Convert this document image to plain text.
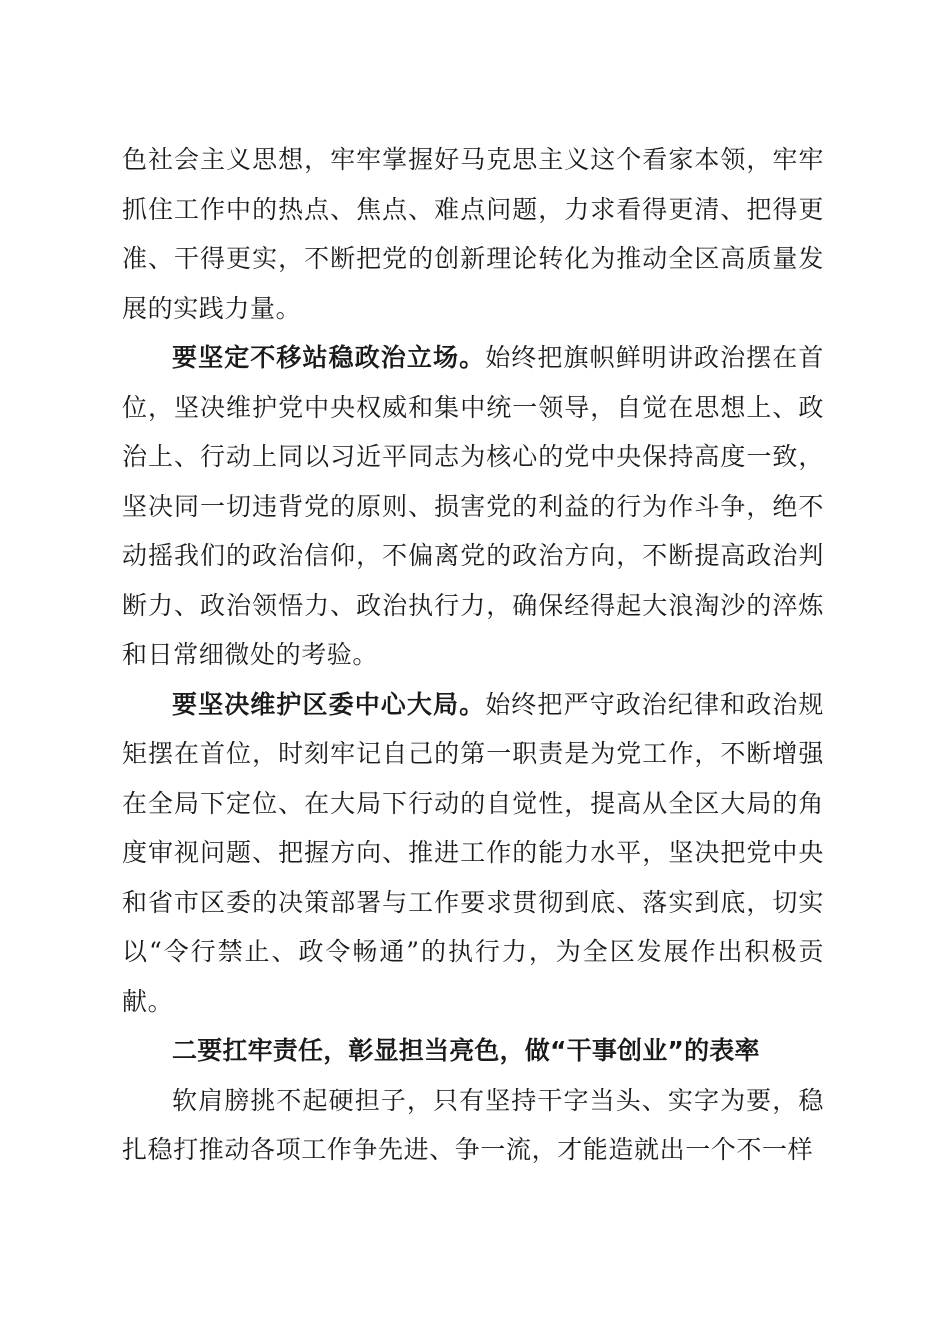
色社会主义思想，牢牢掌握好马克思主义这个看家本领，牢牢抓住工作中的热点、焦点、难点问题，力求看得更清、把得更准、干得更实，不断把党的创新理论转化为推动全区高质量发展的实践力量。

要坚定不移站稳政治立场。始终把旗帜鲜明讲政治摆在首位，坚决维护党中央权威和集中统一领导，自觉在思想上、政治上、行动上同以习近平同志为核心的党中央保持高度一致，坚决同一切违背党的原则、损害党的利益的行为作斗争，绝不动摇我们的政治信仰，不偏离党的政治方向，不断提高政治判断力、政治领悟力、政治执行力，确保经得起大浪淘沙的淬炼和日常细微处的考验。

要坚决维护区委中心大局。始终把严守政治纪律和政治规矩摆在首位，时刻牢记自己的第一职责是为党工作，不断增强在全局下定位、在大局下行动的自觉性，提高从全区大局的角度审视问题、把握方向、推进工作的能力水平，坚决把党中央和省市区委的决策部署与工作要求贯彻到底、落实到底，切实以“令行禁止、政令畅通”的执行力，为全区发展作出积极贡献。

二要扛牢责任，彰显担当亮色，做“干事创业”的表率

软肩膀挑不起硬担子，只有坚持干字当头、实字为要，稳扎稳打推动各项工作争先进、争一流，才能造就出一个不一样
